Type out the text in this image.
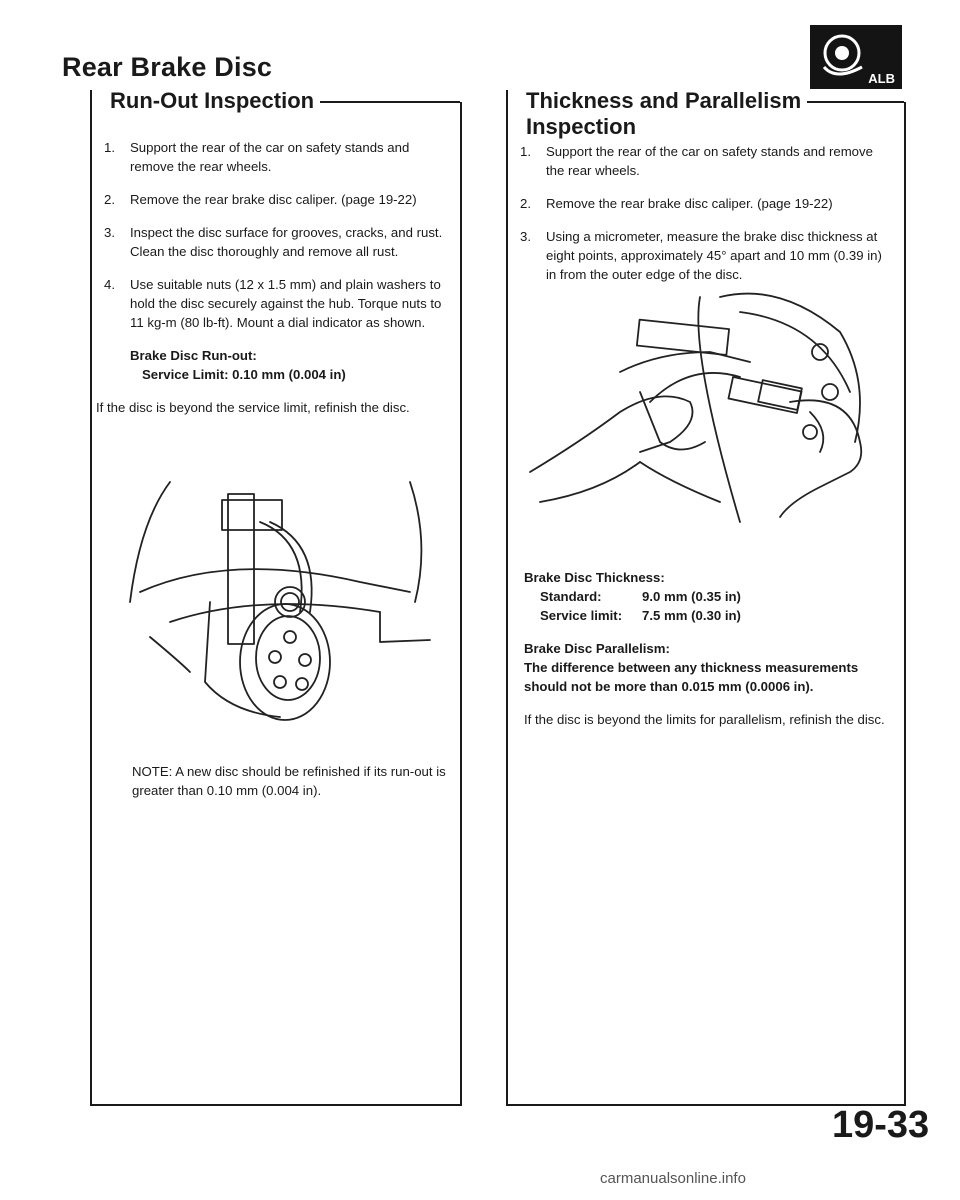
Rear Brake Disc	ALB
Run-Out Inspection
1.	Support the rear of the car on safety stands and remove the rear wheels.
2.	Remove the rear brake disc caliper. (page 19-22)
3.	Inspect the disc surface for grooves, cracks, and rust. Clean the disc thoroughly and remove all rust.
4.	Use suitable nuts (12 x 1.5 mm) and plain washers to hold the disc securely against the hub. Torque nuts to 11 kg-m (80 lb-ft). Mount a dial indicator as shown.

Brake Disc Run-out:

Service Limit: 0.10 mm (0.004 in)

If the disc is beyond the service limit, refinish the disc.

NOTE: A new disc should be refinished if its run-out is greater than 0.10 mm (0.004 in).
Thickness and Parallelism
Inspection
1.	Support the rear of the car on safety stands and remove the rear wheels.
2.	Remove the rear brake disc caliper. (page 19-22)
3.	Using a micrometer, measure the brake disc thickness at eight points, approximately 45° apart and 10 mm (0.39 in) in from the outer edge of the disc.

Brake Disc Thickness:

Standard:	9.0 mm (0.35 in)
Service limit:	7.5 mm (0.30 in)

Brake Disc Parallelism:

The difference between any thickness measurements should not be more than 0.015 mm (0.0006 in).

If the disc is beyond the limits for parallelism, refinish the disc.

19-33
carmanualsonline.info
